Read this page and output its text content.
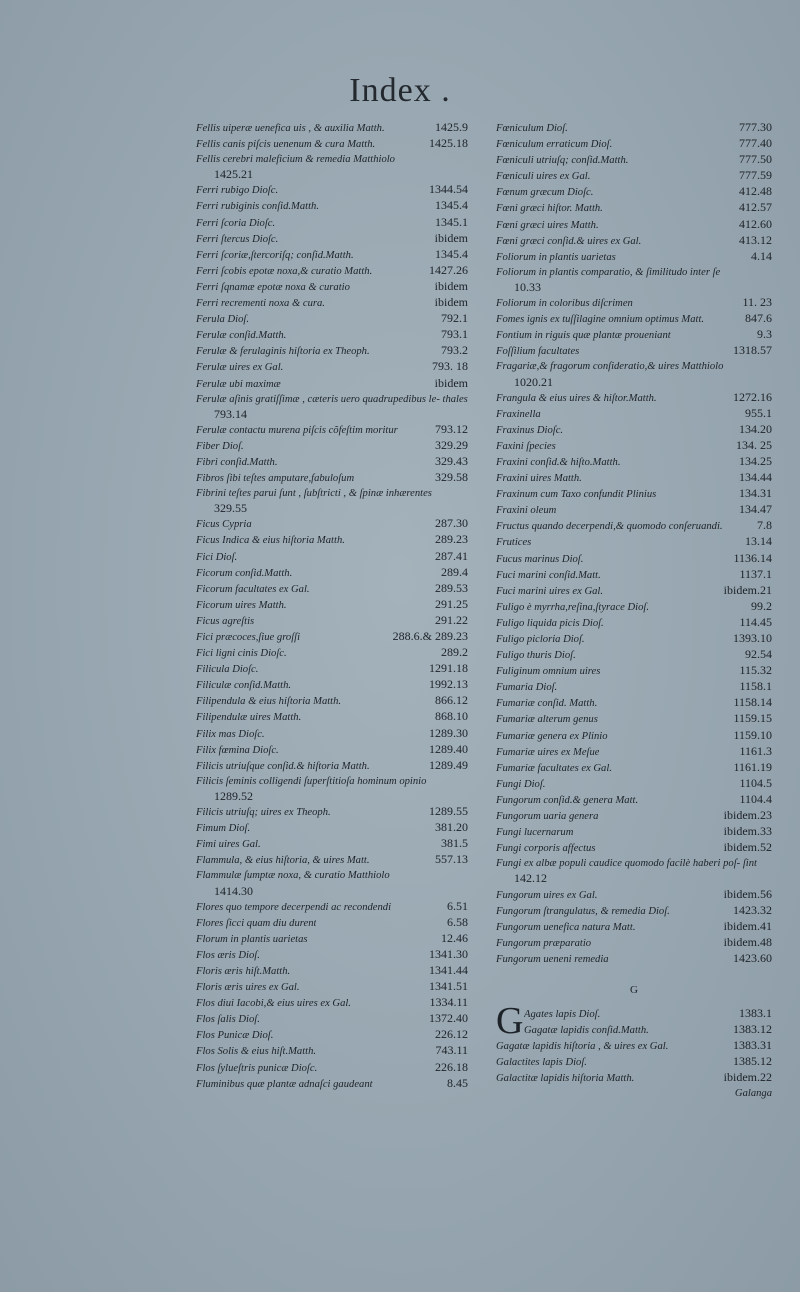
Index .
Fellis uiperæ uenefica uis , & auxilia Matth.	1425.9
Fellis canis piſcis uenenum & cura Matth.	1425.18
Fellis cerebri maleficium & remedia Matthiolo
1425.21
Ferri rubigo Dioſc.	1344.54
Ferri rubiginis conſid.Matth.	1345.4
Ferri ſcoria Dioſc.	1345.1
Ferri ſtercus Dioſc.	ibidem
Ferri ſcoriæ,ſtercoriſq; conſid.Matth.	1345.4
Ferri ſcobis epotæ noxa,& curatio Matth.	1427.26
Ferri ſqnamæ epotæ noxa & curatio	ibidem
Ferri recrementi noxa & cura.	ibidem
Ferula Dioſ.	792.1
Ferulæ conſid.Matth.	793.1
Ferulæ & ferulaginis hiſtoria ex Theoph.	793.2
Ferulæ uires ex Gal.	793. 18
Ferulæ ubi maximæ	ibidem
Ferulæ aſinis gratiſſimæ , cæteris uero quadrupedibus le- thales
793.14
Ferulæ contactu murena piſcis cõfeſtim moritur	793.12
Fiber Dioſ.	329.29
Fibri conſid.Matth.	329.43
Fibros ſibi teſtes amputare,fabuloſum	329.58
Fibrini teſtes parui ſunt , ſubſtricti , & ſpinæ inhærentes
329.55
Ficus Cypria	287.30
Ficus Indica & eius hiſtoria Matth.	289.23
Fici Dioſ.	287.41
Ficorum conſid.Matth.	289.4
Ficorum facultates ex Gal.	289.53
Ficorum uires Matth.	291.25
Ficus agreſtis	291.22
Fici præcoces,ſiue groſſi	288.6.& 289.23
Fici ligni cinis Dioſc.	289.2
Filicula Dioſc.	1291.18
Filiculæ conſid.Matth.	1992.13
Filipendula & eius hiſtoria Matth.	866.12
Filipendulæ uires Matth.	868.10
Filix mas Dioſc.	1289.30
Filix fœmina Dioſc.	1289.40
Filicis utriuſque conſid.& hiſtoria Matth.	1289.49
Filicis ſeminis colligendi ſuperſtitioſa hominum opinio
1289.52
Filicis utriuſq; uires ex Theoph.	1289.55
Fimum Dioſ.	381.20
Fimi uires Gal.	381.5
Flammula, & eius hiſtoria, & uires Matt.	557.13
Flammulæ ſumptæ noxa, & curatio Matthiolo
1414.30
Flores quo tempore decerpendi ac recondendi	6.51
Flores ſicci quam diu durent	6.58
Florum in plantis uarietas	12.46
Flos æris Dioſ.	1341.30
Floris æris hiſt.Matth.	1341.44
Floris æris uires ex Gal.	1341.51
Flos diui Iacobi,& eius uires ex Gal.	1334.11
Flos ſalis Dioſ.	1372.40
Flos Punicæ Dioſ.	226.12
Flos Solis & eius hiſt.Matth.	743.11
Flos ſylueſtris punicæ Dioſc.	226.18
Fluminibus quæ plantæ adnaſci gaudeant	8.45
Fœniculum Dioſ.	777.30
Fœniculum erraticum Dioſ.	777.40
Fœniculi utriuſq; conſid.Matth.	777.50
Fœniculi uires ex Gal.	777.59
Fœnum græcum Dioſc.	412.48
Fœni græci hiſtor. Matth.	412.57
Fœni græci uires Matth.	412.60
Fœni græci conſid.& uires ex Gal.	413.12
Foliorum in plantis uarietas	4.14
Foliorum in plantis comparatio, & ſimilitudo inter ſe
10.33
Foliorum in coloribus diſcrimen	11. 23
Fomes ignis ex tuſſilagine omnium optimus Matt.	847.6
Fontium in riguis quæ plantæ proueniant	9.3
Foſſilium facultates	1318.57
Fragariæ,& fragorum conſideratio,& uires Matthiolo
1020.21
Frangula & eius uires & hiſtor.Matth.	1272.16
Fraxinella	955.1
Fraxinus Dioſc.	134.20
Faxini ſpecies	134. 25
Fraxini conſid.& hiſto.Matth.	134.25
Fraxini uires Matth.	134.44
Fraxinum cum Taxo confundit Plinius	134.31
Fraxini oleum	134.47
Fructus quando decerpendi,& quomodo conſeruandi.	7.8
Frutices	13.14
Fucus marinus Dioſ.	1136.14
Fuci marini conſid.Matt.	1137.1
Fuci marini uires ex Gal.	ibidem.21
Fuligo è myrrha,reſina,ſtyrace Dioſ.	99.2
Fuligo liquida picis Dioſ.	114.45
Fuligo picloria Dioſ.	1393.10
Fuligo thuris Dioſ.	92.54
Fuliginum omnium uires	115.32
Fumaria Dioſ.	1158.1
Fumariæ conſid. Matth.	1158.14
Fumariæ alterum genus	1159.15
Fumariæ genera ex Plinio	1159.10
Fumariæ uires ex Meſue	1161.3
Fumariæ facultates ex Gal.	1161.19
Fungi Dioſ.	1104.5
Fungorum conſid.& genera Matt.	1104.4
Fungorum uaria genera	ibidem.23
Fungi lucernarum	ibidem.33
Fungi corporis affectus	ibidem.52
Fungi ex albæ populi caudice quomodo facilè haberi poſ- ſint
142.12
Fungorum uires ex Gal.	ibidem.56
Fungorum ſtrangulatus, & remedia Dioſ.	1423.32
Fungorum uenefica natura Matt.	ibidem.41
Fungorum præparatio	ibidem.48
Fungorum ueneni remedia	1423.60
G
G Agates lapis Dioſ.	1383.1
Gagatæ lapidis conſid.Matth.	1383.12
Gagatæ lapidis hiſtoria , & uires ex Gal.	1383.31
Galactites lapis Dioſ.	1385.12
Galactitæ lapidis hiſtoria Matth.	ibidem.22
Galanga
